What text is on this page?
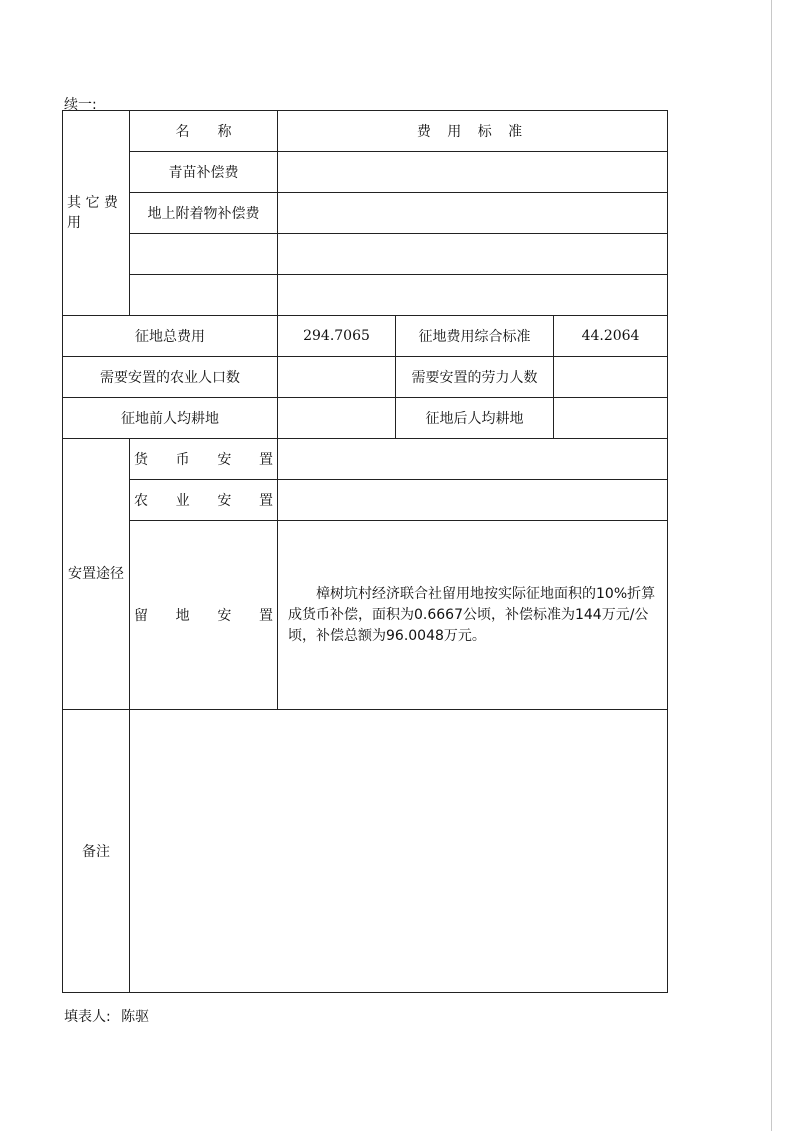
续一:
其 它 费 用	名　　称	费 用 标 准		
	青苗补偿费			
	地上附着物补偿费			

征地总费用		294.7065	征地费用综合标准	44.2064
需要安置的农业人口数			需要安置的劳力人数	
征地前人均耕地			征地后人均耕地	
安置途径	货币安置			
	农业安置			
	留地安置	樟树坑村经济联合社留用地按实际征地面积的10%折算成货币补偿，面积为0.6667公顷，补偿标准为144万元/公顷，补偿总额为96.0048万元。		

备注				
填表人: 陈驱
